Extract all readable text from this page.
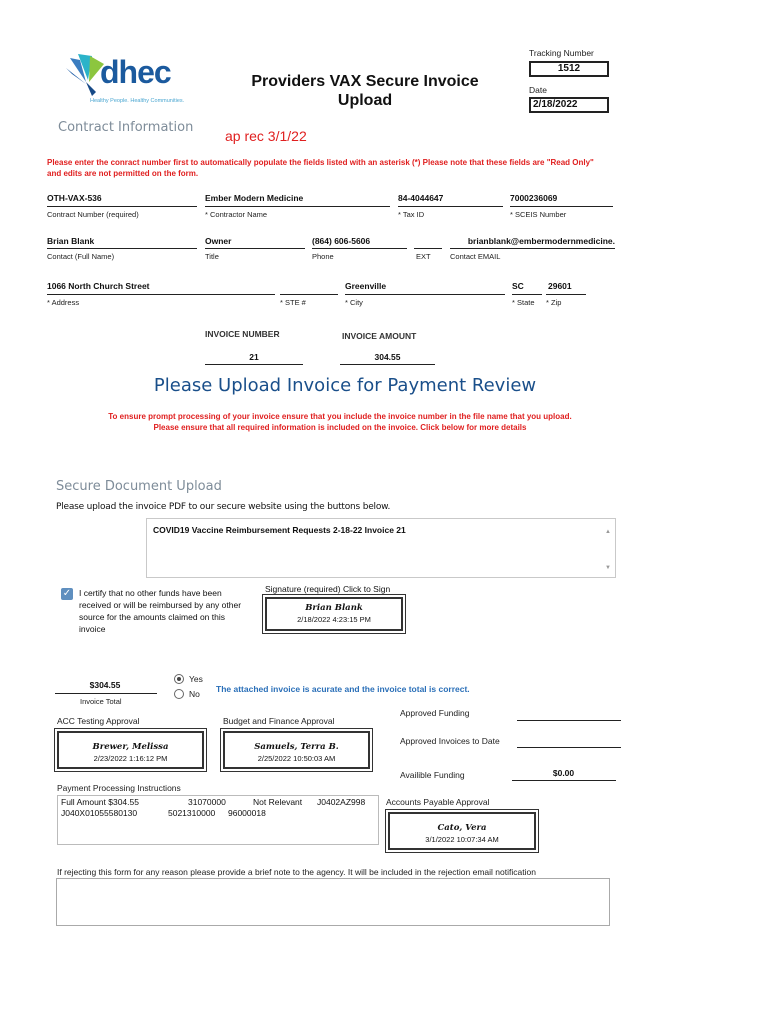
dhec
Healthy People. Healthy Communities.
Providers VAX Secure Invoice
Upload
Tracking Number
1512
Date
2/18/2022
Contract Information
ap rec 3/1/22
Please enter the conract number first to automatically populate the fields listed with an asterisk (*) Please note that these fields are "Read Only" and edits are not permitted on the form.
OTH-VAX-536
Contract Number (required)
Ember Modern Medicine
* Contractor Name
84-4044647
* Tax ID
7000236069
* SCEIS Number
Brian Blank
Contact (Full Name)
Owner
Title
(864) 606-5606
Phone	EXT
brianblank@embermodernmedicine.
Contact EMAIL
1066 North Church Street
* Address	* STE #
Greenville
* City
SC
* State
29601
* Zip
INVOICE NUMBER
21
INVOICE AMOUNT
304.55
Please Upload Invoice for Payment Review
To ensure prompt processing of your invoice ensure that you include the invoice number in the file name that you upload.
Please ensure that all required information is included on the invoice. Click below for more details
Secure Document Upload
Please upload the invoice PDF to our secure website using the buttons below.
COVID19 Vaccine Reimbursement Requests 2-18-22 Invoice 21	▲
▼
✓ I certify that no other funds have been received or will be reimbursed by any other source for the amounts claimed on this invoice
Signature (required) Click to Sign
Brian Blank
2/18/2022 4:23:15 PM
$304.55
Invoice Total
Yes
No The attached invoice is acurate and the invoice total is correct.
ACC Testing Approval
Brewer, Melissa
2/23/2022 1:16:12 PM
Budget and Finance Approval
Samuels, Terra B.
2/25/2022 10:50:03 AM
Approved Funding
Approved Invoices to Date
Availible Funding	$0.00
Payment Processing Instructions
Full Amount $304.55	31070000	Not Relevant J0402AZ998
J040X01055580130	5021310000 96000018
Accounts Payable Approval
Cato, Vera
3/1/2022 10:07:34 AM
If rejecting this form for any reason please provide a brief note to the agency. It will be included in the rejection email notification
